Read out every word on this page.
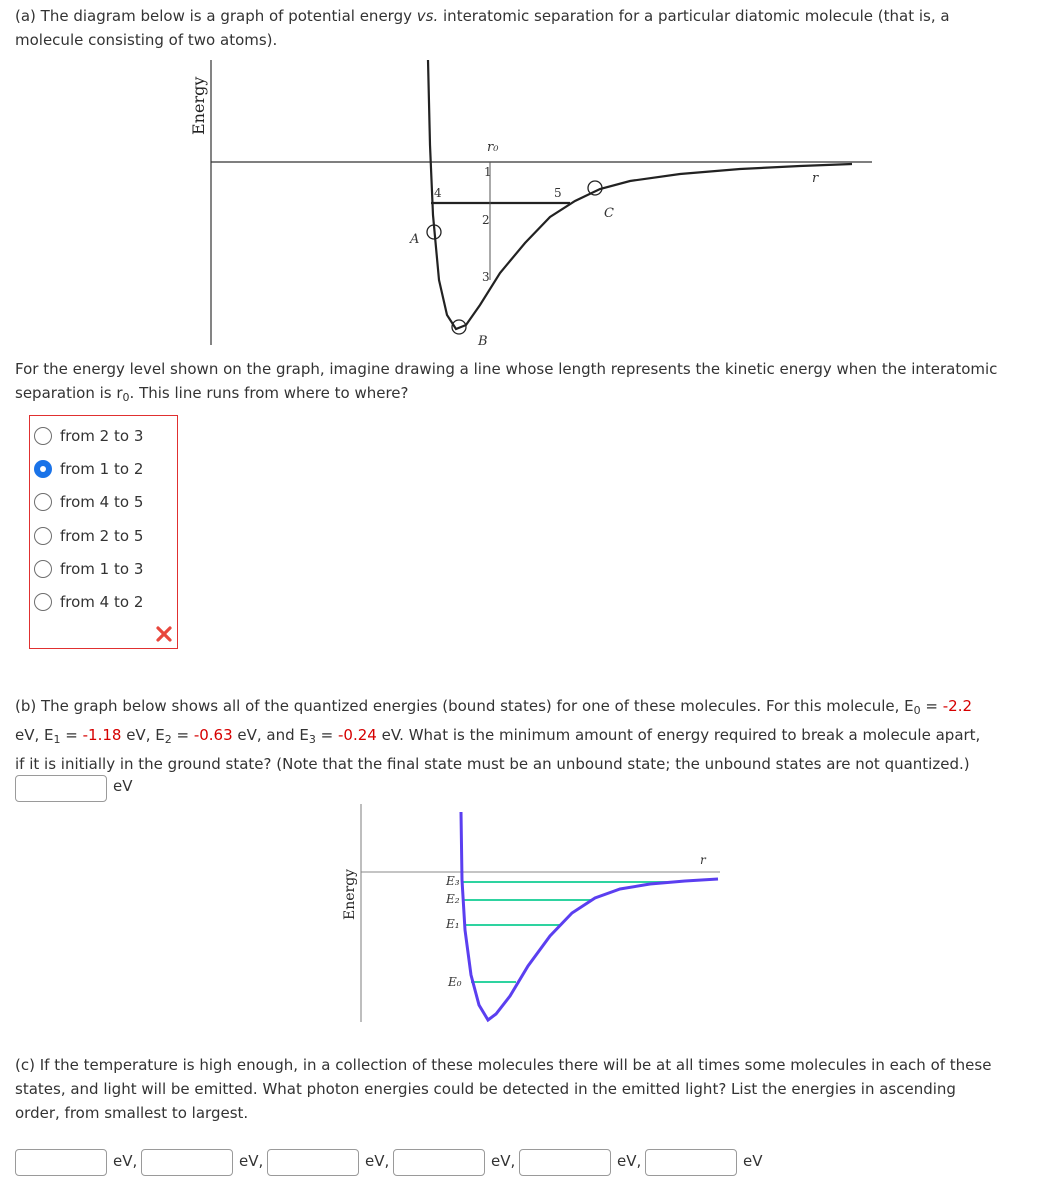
(a) The diagram below is a graph of potential energy vs. interatomic separation for a particular diatomic molecule (that is, a
molecule consisting of two atoms).
Energy
r₀
1
2
3
4	5
A
B
C
r
For the energy level shown on the graph, imagine drawing a line whose length represents the kinetic energy when the interatomic
separation is $r_0$. This line runs from where to where?
from 2 to 3
from 1 to 2
from 4 to 5
from 2 to 5
from 1 to 3
from 4 to 2
(b) The graph below shows all of the quantized energies (bound states) for one of these molecules. For this molecule, $E_0 = -2.2$
eV, $E_1 = -1.18$ eV, $E_2 = -0.63$ eV, and $E_3 = -0.24$ eV. What is the minimum amount of energy required to break a molecule apart,
if it is initially in the ground state? (Note that the final state must be an unbound state; the unbound states are not quantized.)
eV
Energy	E₃
E₂
E₁
E₀
r
(c) If the temperature is high enough, in a collection of these molecules there will be at all times some molecules in each of these
states, and light will be emitted. What photon energies could be detected in the emitted light? List the energies in ascending
order, from smallest to largest.
eV,	eV,	eV,	eV,	eV,	eV
